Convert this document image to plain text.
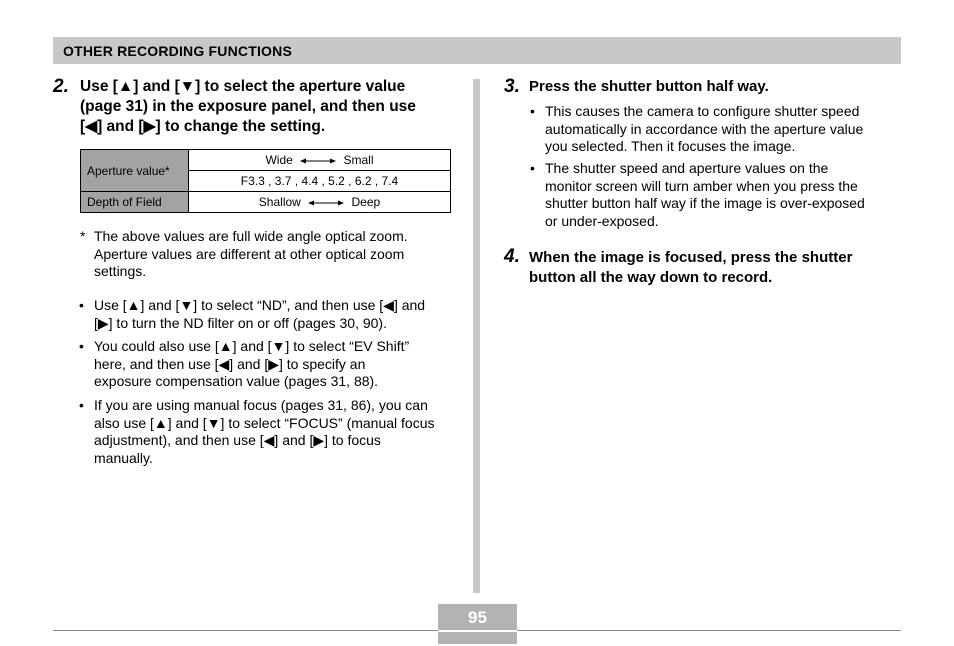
OTHER RECORDING FUNCTIONS
2. Use [▲] and [▼] to select the aperture value
(page 31) in the exposure panel, and then use
[◀] and [▶] to change the setting.
Aperture value*	Wide Small
	F3.3 , 3.7 , 4.4 , 5.2 , 6.2 , 7.4
Depth of Field	Shallow Deep
* The above values are full wide angle optical zoom.
Aperture values are different at other optical zoom
settings.
• Use [▲] and [▼] to select “ND”, and then use [◀] and
[▶] to turn the ND filter on or off (pages 30, 90).
• You could also use [▲] and [▼] to select “EV Shift”
here, and then use [◀] and [▶] to specify an
exposure compensation value (pages 31, 88).
• If you are using manual focus (pages 31, 86), you can
also use [▲] and [▼] to select “FOCUS” (manual focus
adjustment), and then use [◀] and [▶] to focus
manually.
3. Press the shutter button half way.
• This causes the camera to configure shutter speed
automatically in accordance with the aperture value
you selected. Then it focuses the image.
• The shutter speed and aperture values on the
monitor screen will turn amber when you press the
shutter button half way if the image is over-exposed
or under-exposed.
4. When the image is focused, press the shutter
button all the way down to record.
95
